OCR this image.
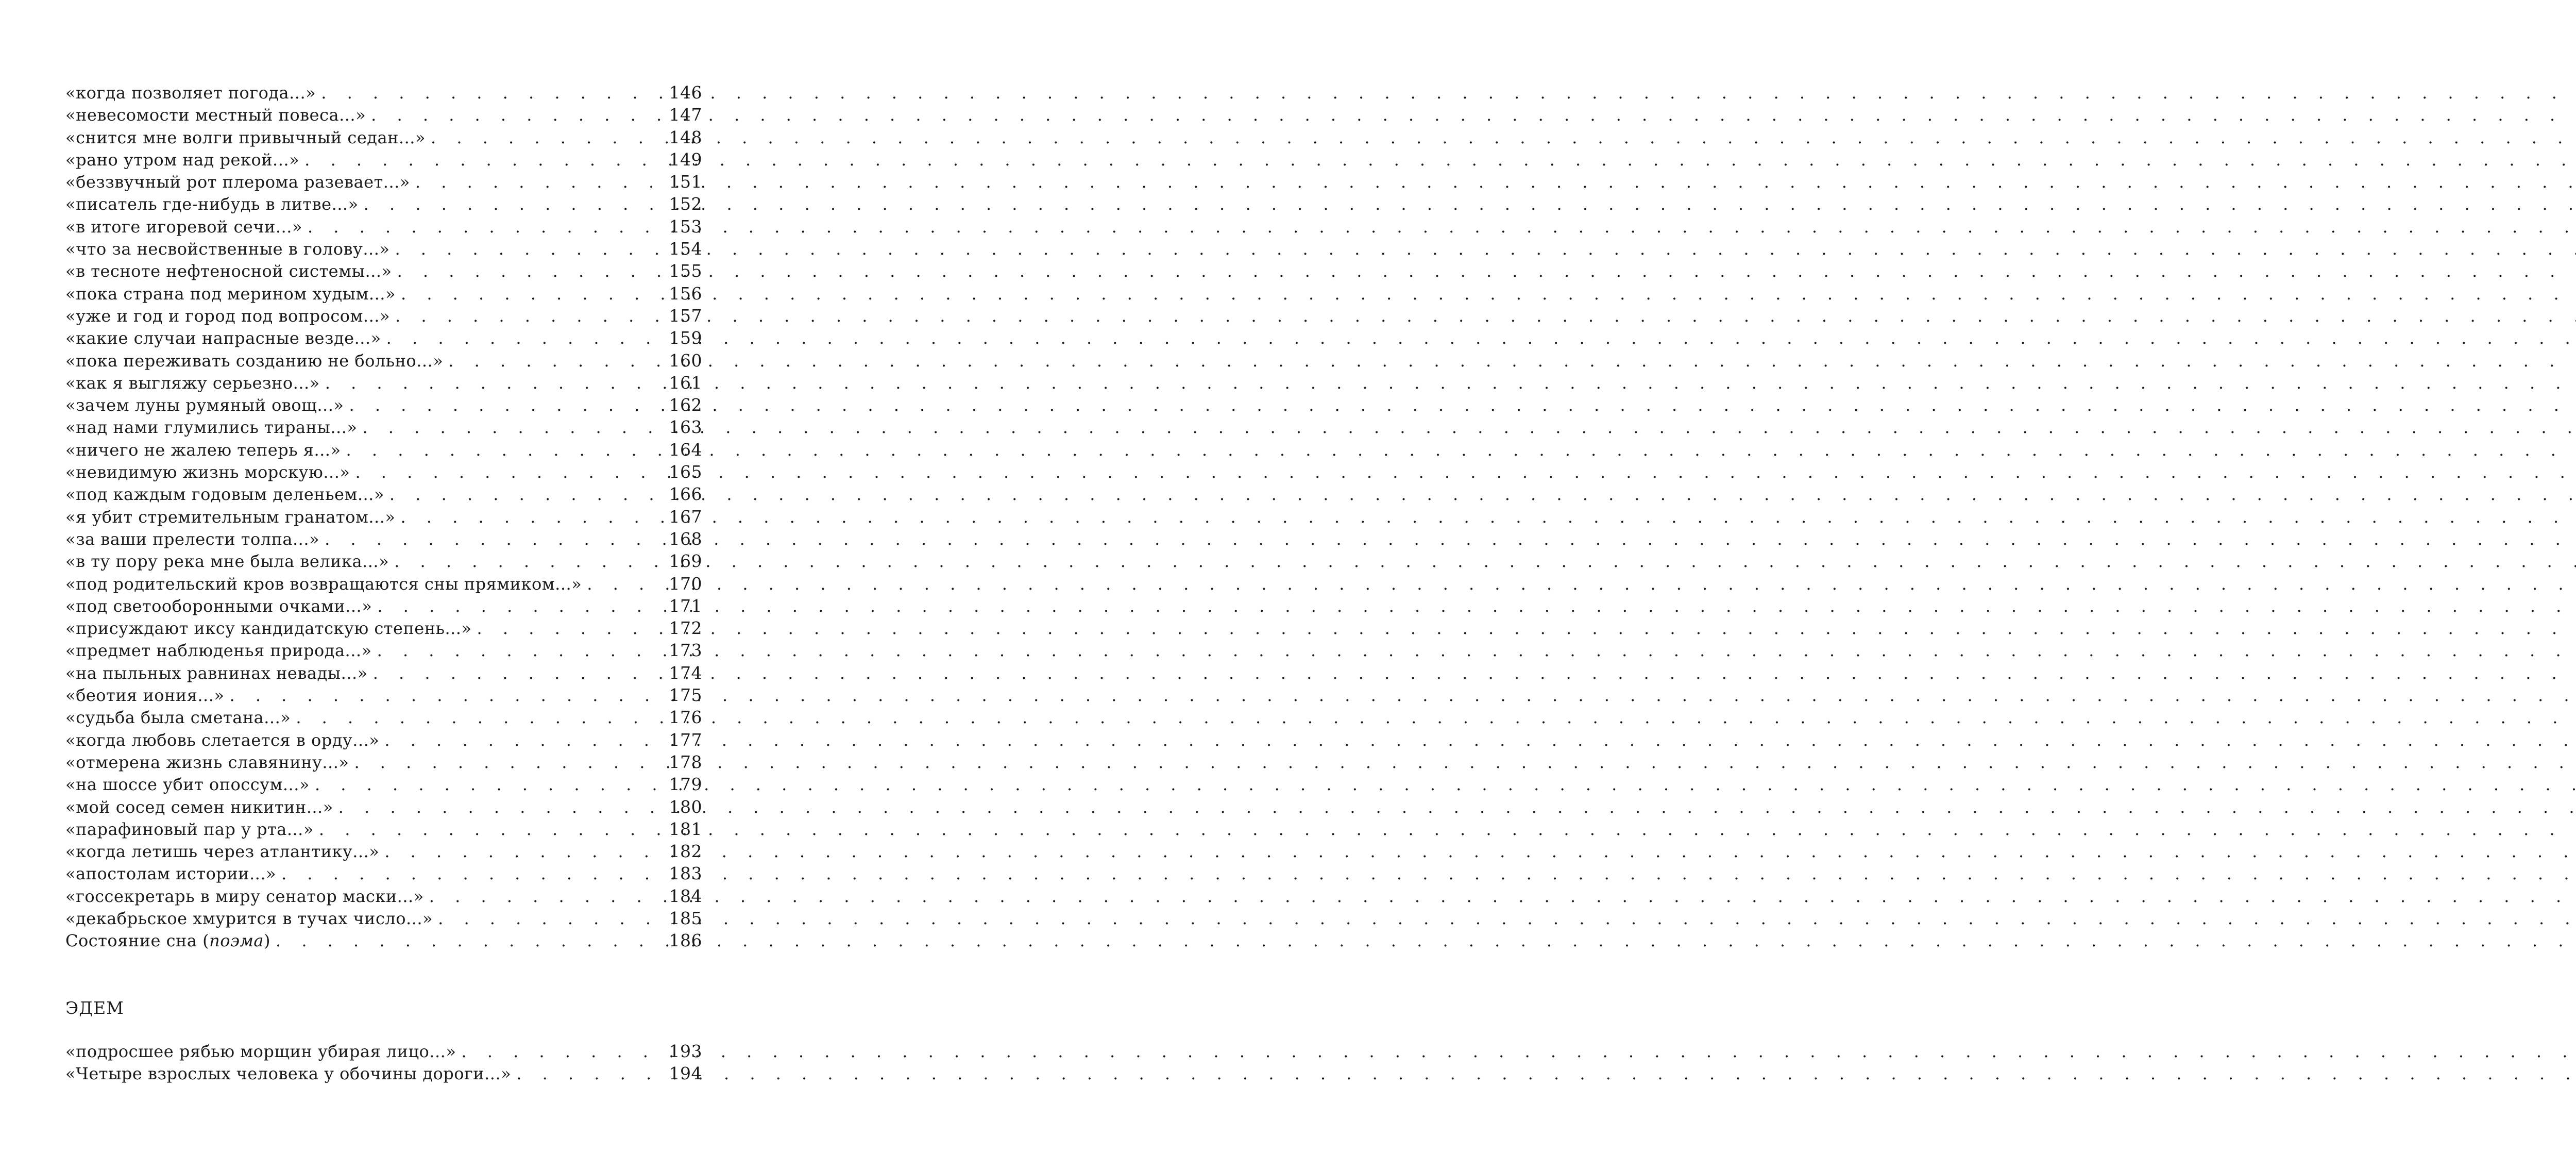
«когда позволяет погода...» . . .	146
«невесомости местный повеса...» . . .	147
«снится мне волги привычный седан...» . . .	148
«рано утром над рекой...» . . .	149
«беззвучный рот плерома разевает...» . . .	151
«писатель где-нибудь в литве...» . . .	152
«в итоге игоревой сечи...» . . .	153
«что за несвойственные в голову...» . . .	154
«в тесноте нефтеносной системы...» . . .	155
«пока страна под мерином худым...» . . .	156
«уже и год и город под вопросом...» . . .	157
«какие случаи напрасные везде...» . . .	159
«пока переживать созданию не больно...» . . .	160
«как я выгляжу серьезно...» . . .	161
«зачем луны румяный овощ...» . . .	162
«над нами глумились тираны...» . . .	163
«ничего не жалею теперь я...» . . .	164
«невидимую жизнь морскую...» . . .	165
«под каждым годовым деленьем...» . . .	166
«я убит стремительным гранатом...» . . .	167
«за ваши прелести толпа...» . . .	168
«в ту пору река мне была велика...» . . .	169
«под родительский кров возвращаются сны прямиком...» . . .	170
«под светооборонными очками...» . . .	171
«присуждают иксу кандидатскую степень...» . . .	172
«предмет наблюденья природа...» . . .	173
«на пыльных равнинах невады...» . . .	174
«беотия иония...» . . .	175
«судьба была сметана...» . . .	176
«когда любовь слетается в орду...» . . .	177
«отмерена жизнь славянину...» . . .	178
«на шоссе убит опоссум...» . . .	179
«мой сосед семен никитин...» . . .	180
«парафиновый пар у рта...» . . .	181
«когда летишь через атлантику...» . . .	182
«апостолам истории...» . . .	183
«госсекретарь в миру сенатор маски...» . . .	184
«декабрьское хмурится в тучах число...» . . .	185
Состояние сна (поэма) . . .	186
ЭДЕМ
«подросшее рябью морщин убирая лицо...» . . .	193
«Четыре взрослых человека у обочины дороги...» . . .	194
